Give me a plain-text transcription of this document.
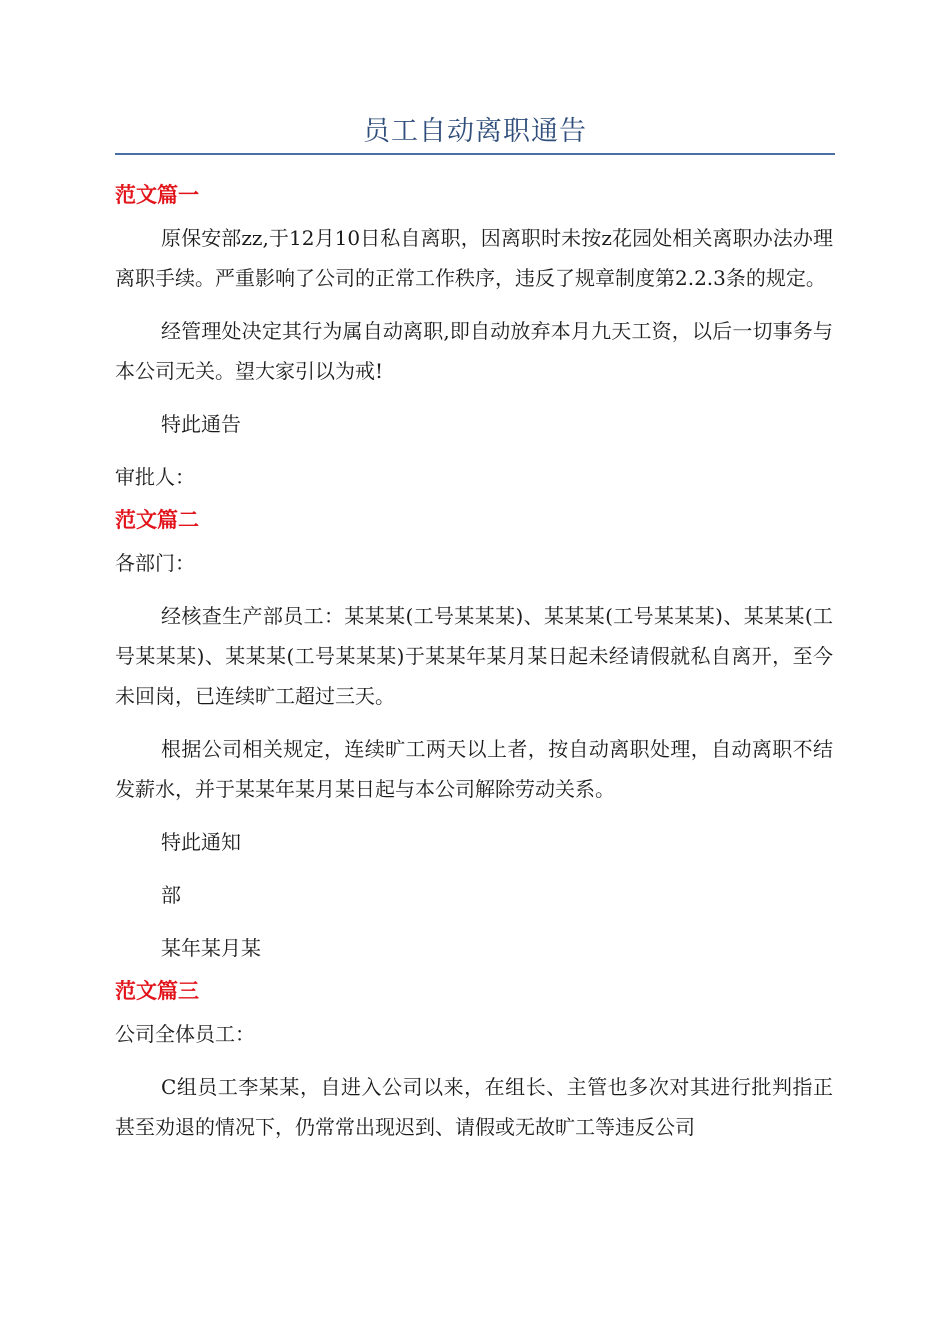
员工自动离职通告
范文篇一

原保安部zz,于12月10日私自离职，因离职时未按z花园处相关离职办法办理离职手续。严重影响了公司的正常工作秩序，违反了规章制度第2.2.3条的规定。

经管理处决定其行为属自动离职,即自动放弃本月九天工资，以后一切事务与本公司无关。望大家引以为戒!

特此通告

审批人：

范文篇二

各部门：

经核查生产部员工：某某某(工号某某某)、某某某(工号某某某)、某某某(工号某某某)、某某某(工号某某某)于某某年某月某日起未经请假就私自离开，至今未回岗，已连续旷工超过三天。

根据公司相关规定，连续旷工两天以上者，按自动离职处理，自动离职不结发薪水，并于某某年某月某日起与本公司解除劳动关系。

特此通知

部

某年某月某

范文篇三

公司全体员工：

C组员工李某某，自进入公司以来，在组长、主管也多次对其进行批判指正甚至劝退的情况下，仍常常出现迟到、请假或无故旷工等违反公司
